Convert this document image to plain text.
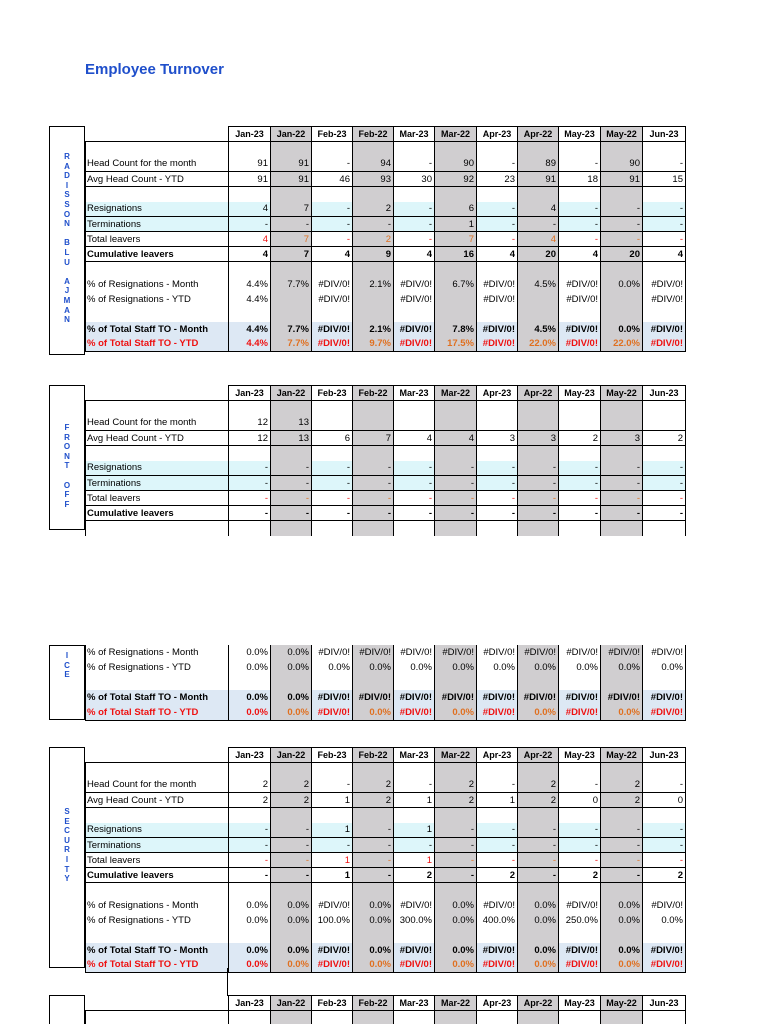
Employee Turnover
R
A
D
I
S
S
O
N
B
L
U
A
J
M
A
N
	Jan-23	Jan-22	Feb-23	Feb-22	Mar-23	Mar-22	Apr-23	Apr-22	May-23	May-22	Jun-23

Head Count for the month	91	91	-	94	-	90	-	89	-	90	-
Avg Head Count - YTD	91	91	46	93	30	92	23	91	18	91	15

Resignations	4	7	-	2	-	6	-	4	-	-	-
Terminations	-	-	-	-	-	1	-	-	-	-	-
Total leavers	4	7	-	2	-	7	-	4	-	-	-
Cumulative leavers	4	7	4	9	4	16	4	20	4	20	4

% of Resignations - Month	4.4%	7.7%	#DIV/0!	2.1%	#DIV/0!	6.7%	#DIV/0!	4.5%	#DIV/0!	0.0%	#DIV/0!
% of Resignations - YTD	4.4%		#DIV/0!		#DIV/0!		#DIV/0!		#DIV/0!		#DIV/0!

% of Total Staff TO - Month	4.4%	7.7%	#DIV/0!	2.1%	#DIV/0!	7.8%	#DIV/0!	4.5%	#DIV/0!	0.0%	#DIV/0!
% of Total Staff TO - YTD	4.4%	7.7%	#DIV/0!	9.7%	#DIV/0!	17.5%	#DIV/0!	22.0%	#DIV/0!	22.0%	#DIV/0!
F
R
O
N
T
O
F
F
	Jan-23	Jan-22	Feb-23	Feb-22	Mar-23	Mar-22	Apr-23	Apr-22	May-23	May-22	Jun-23

Head Count for the month	12	13									
Avg Head Count - YTD	12	13	6	7	4	4	3	3	2	3	2

Resignations	-	-	-	-	-	-	-	-	-	-	-
Terminations	-	-	-	-	-	-	-	-	-	-	-
Total leavers	-	-	-	-	-	-	-	-	-	-	-
Cumulative leavers	-	-	-	-	-	-	-	-	-	-	-

I
C
E
% of Resignations - Month	0.0%	0.0%	#DIV/0!	#DIV/0!	#DIV/0!	#DIV/0!	#DIV/0!	#DIV/0!	#DIV/0!	#DIV/0!	#DIV/0!
% of Resignations - YTD	0.0%	0.0%	0.0%	0.0%	0.0%	0.0%	0.0%	0.0%	0.0%	0.0%	0.0%

% of Total Staff TO - Month	0.0%	0.0%	#DIV/0!	#DIV/0!	#DIV/0!	#DIV/0!	#DIV/0!	#DIV/0!	#DIV/0!	#DIV/0!	#DIV/0!
% of Total Staff TO - YTD	0.0%	0.0%	#DIV/0!	0.0%	#DIV/0!	0.0%	#DIV/0!	0.0%	#DIV/0!	0.0%	#DIV/0!
S
E
C
U
R
I
T
Y
	Jan-23	Jan-22	Feb-23	Feb-22	Mar-23	Mar-22	Apr-23	Apr-22	May-23	May-22	Jun-23

Head Count for the month	2	2	-	2	-	2	-	2	-	2	-
Avg Head Count - YTD	2	2	1	2	1	2	1	2	0	2	0

Resignations	-	-	1	-	1	-	-	-	-	-	-
Terminations	-	-	-	-	-	-	-	-	-	-	-
Total leavers	-	-	1	-	1	-	-	-	-	-	-
Cumulative leavers	-	-	1	-	2	-	2	-	2	-	2

% of Resignations - Month	0.0%	0.0%	#DIV/0!	0.0%	#DIV/0!	0.0%	#DIV/0!	0.0%	#DIV/0!	0.0%	#DIV/0!
% of Resignations - YTD	0.0%	0.0%	100.0%	0.0%	300.0%	0.0%	400.0%	0.0%	250.0%	0.0%	0.0%

% of Total Staff TO - Month	0.0%	0.0%	#DIV/0!	0.0%	#DIV/0!	0.0%	#DIV/0!	0.0%	#DIV/0!	0.0%	#DIV/0!
% of Total Staff TO - YTD	0.0%	0.0%	#DIV/0!	0.0%	#DIV/0!	0.0%	#DIV/0!	0.0%	#DIV/0!	0.0%	#DIV/0!
	Jan-23	Jan-22	Feb-23	Feb-22	Mar-23	Mar-22	Apr-23	Apr-22	May-23	May-22	Jun-23
